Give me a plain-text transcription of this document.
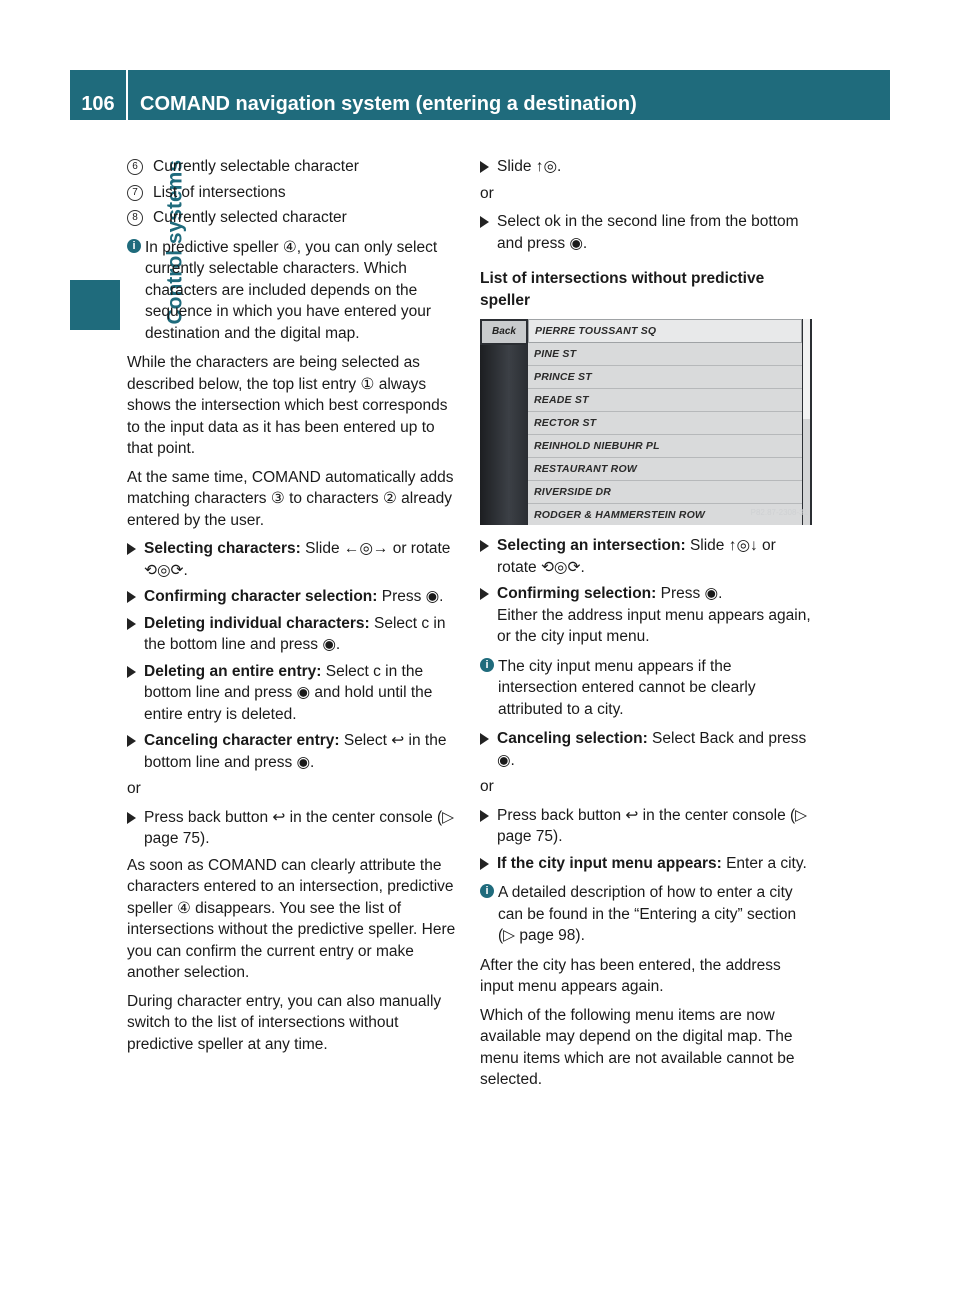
106	COMAND navigation system (entering a destination)
Control systems
6 Currently selectable character
7 List of intersections
8 Currently selected character
i In predictive speller ④, you can only select currently selectable characters. Which characters are included depends on the sequence in which you have entered your destination and the digital map.

While the characters are being selected as described below, the top list entry ① always shows the intersection which best corresponds to the input data as it has been entered up to that point.

At the same time, COMAND automatically adds matching characters ③ to characters ② already entered by the user.

Selecting characters: Slide ←◎→ or rotate ⟲◎⟳.
Confirming character selection: Press ◉.
Deleting individual characters: Select c in the bottom line and press ◉.
Deleting an entire entry: Select c in the bottom line and press ◉ and hold until the entire entry is deleted.
Canceling character entry: Select ↩ in the bottom line and press ◉.

or

Press back button ↩ in the center console (▷ page 75).

As soon as COMAND can clearly attribute the characters entered to an intersection, predictive speller ④ disappears. You see the list of intersections without the predictive speller. Here you can confirm the current entry or make another selection.

During character entry, you can also manually switch to the list of intersections without predictive speller at any time.

Slide ↑◎.

or

Select ok in the second line from the bottom and press ◉.
List of intersections without predictive speller
Back	PIERRE TOUSSANT SQ
PINE ST
PRINCE ST
READE ST
RECTOR ST
REINHOLD NIEBUHR PL
RESTAURANT ROW
RIVERSIDE DR
RODGER & HAMMERSTEIN ROW	P82.87-2308-31
Selecting an intersection: Slide ↑◎↓ or rotate ⟲◎⟳.
Confirming selection: Press ◉.
Either the address input menu appears again, or the city input menu.
i The city input menu appears if the intersection entered cannot be clearly attributed to a city.
Canceling selection: Select Back and press ◉.

or

Press back button ↩ in the center console (▷ page 75).
If the city input menu appears: Enter a city.
i A detailed description of how to enter a city can be found in the “Entering a city” section (▷ page 98).

After the city has been entered, the address input menu appears again.

Which of the following menu items are now available may depend on the digital map. The menu items which are not available cannot be selected.
